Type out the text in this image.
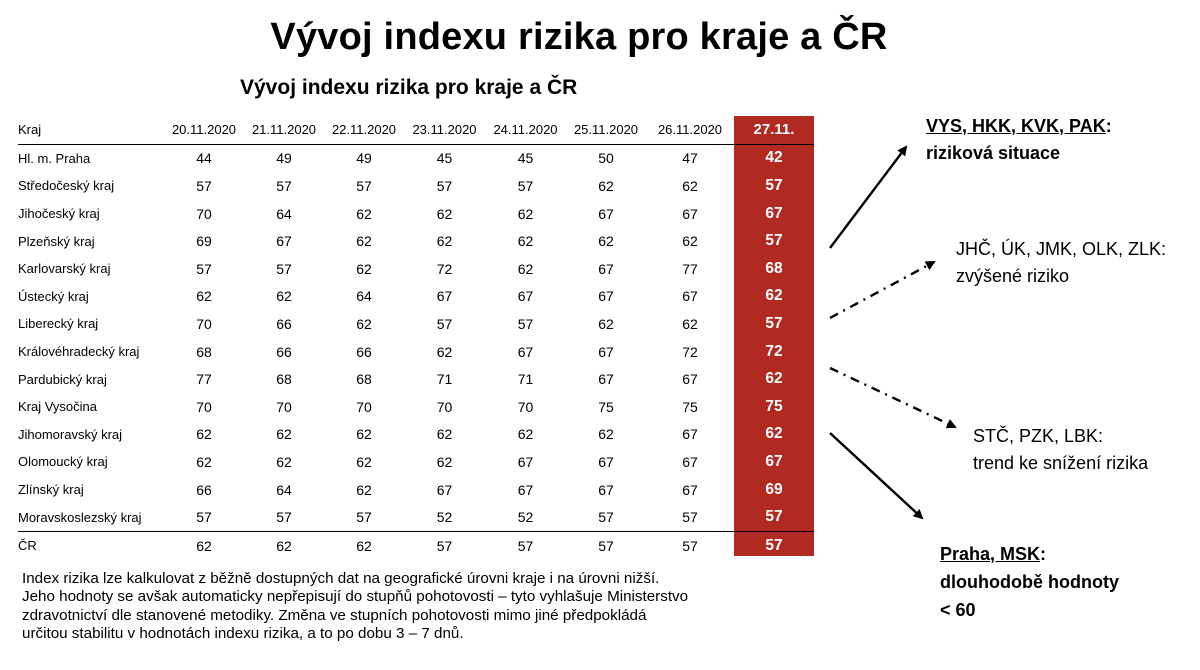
Vývoj indexu rizika pro kraje a ČR
Vývoj indexu rizika pro kraje a ČR
Kraj	20.11.2020	21.11.2020	22.11.2020	23.11.2020	24.11.2020	25.11.2020	26.11.2020	27.11.
Hl. m. Praha	44	49	49	45	45	50	47	42
Středočeský kraj	57	57	57	57	57	62	62	57
Jihočeský kraj	70	64	62	62	62	67	67	67
Plzeňský kraj	69	67	62	62	62	62	62	57
Karlovarský kraj	57	57	62	72	62	67	77	68
Ústecký kraj	62	62	64	67	67	67	67	62
Liberecký kraj	70	66	62	57	57	62	62	57
Královéhradecký kraj	68	66	66	62	67	67	72	72
Pardubický kraj	77	68	68	71	71	67	67	62
Kraj Vysočina	70	70	70	70	70	75	75	75
Jihomoravský kraj	62	62	62	62	62	62	67	62
Olomoucký kraj	62	62	62	62	67	67	67	67
Zlínský kraj	66	64	62	67	67	67	67	69
Moravskoslezský kraj	57	57	57	52	52	57	57	57
ČR	62	62	62	57	57	57	57	57
Index rizika lze kalkulovat z běžně dostupných dat na geografické úrovni kraje i na úrovni nižší.
Jeho hodnoty se avšak automaticky nepřepisují do stupňů pohotovosti – tyto vyhlašuje Ministerstvo
zdravotnictví dle stanovené metodiky. Změna ve stupních pohotovosti mimo jiné předpokládá
určitou stabilitu v hodnotách indexu rizika, a to po dobu 3 – 7 dnů.
VYS, HKK, KVK, PAK:
riziková situace
JHČ, ÚK, JMK, OLK, ZLK:
zvýšené riziko
STČ, PZK, LBK:
trend ke snížení rizika
Praha, MSK:
dlouhodobě hodnoty
< 60
